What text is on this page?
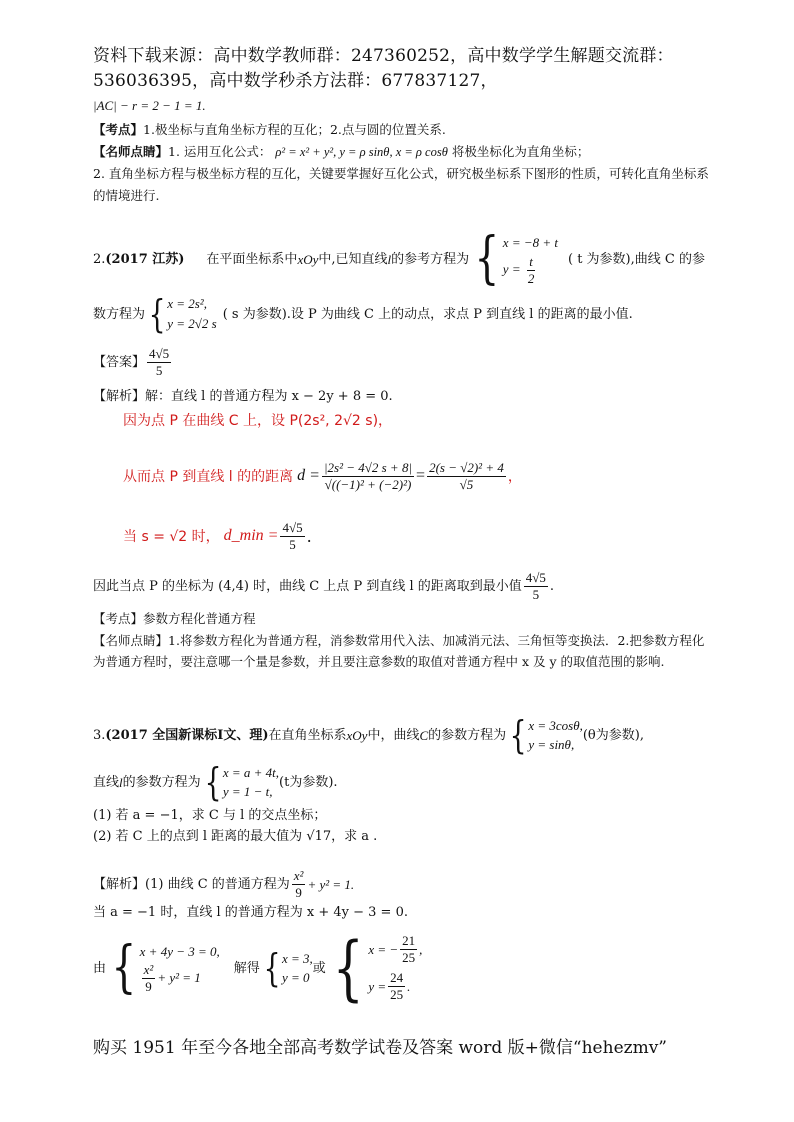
资料下载来源：高中数学教师群：247360252，高中数学学生解题交流群：
536036395，高中数学秒杀方法群：677837127，
|AC| − r = 2 − 1 = 1.
【考点】1.极坐标与直角坐标方程的互化；2.点与圆的位置关系.
【名师点睛】1. 运用互化公式： ρ² = x² + y², y = ρ sinθ, x = ρ cosθ 将极坐标化为直角坐标；
2. 直角坐标方程与极坐标方程的互化，关键要掌握好互化公式，研究极坐标系下图形的性质，可转化直角坐标系的情境进行.
2. (2017 江苏) 在平面坐标系中 xOy 中,已知直线 l 的参考方程为 { x = −8 + t
$y = \frac{t}{2}$ ( t 为参数),曲线 C 的参
数方程为 { x = 2s²,
y = 2√2 s
( s 为参数).设 P 为曲线 C 上的动点，求点 P 到直线 l 的距离的最小值.
【答案】 $\frac{4√5}{5}$
【解析】解：直线 l 的普通方程为 x − 2y + 8 = 0.
因为点 P 在曲线 C 上，设 P(2s², 2√2 s)，
从而点 P 到直线 l 的的距离 $d = \frac{\text{|2s² − 4√2 s + 8|}}{\text{√((−1)² + (−2)²)}} = \frac{\text{2(s − √2)² + 4}}{√5}$ ，
当 s = √2 时， d_min = $\frac{4√5}{5}$ .
因此当点 P 的坐标为 (4,4) 时，曲线 C 上点 P 到直线 l 的距离取到最小值 $\frac{4√5}{5}$ .
【考点】参数方程化普通方程
【名师点睛】1.将参数方程化为普通方程，消参数常用代入法、加减消元法、三角恒等变换法．2.把参数方程化为普通方程时，要注意哪一个量是参数，并且要注意参数的取值对普通方程中 x 及 y 的取值范围的影响.
3. (2017 全国新课标Ⅰ文、理) 在直角坐标系 xOy 中，曲线 C 的参数方程为 { x = 3cosθ,
y = sinθ,
(θ为参数),
直线 l 的参数方程为 { x = a + 4t,
y = 1 − t,
(t为参数).
(1) 若 a = −1，求 C 与 l 的交点坐标；
(2) 若 C 上的点到 l 距离的最大值为 √17，求 a .
【解析】 (1) 曲线 C 的普通方程为 $\frac{\text{x²}}{9} + y^2 = 1$.
当 a = −1 时，直线 l 的普通方程为 x + 4y − 3 = 0.
由 { x + 4y − 3 = 0,
$\frac{\text{x²}}{9} + y^2 = 1$
解得 { x = 3,
y = 0
或 { x = − $\frac{21}{25}$ ,
$y = \frac{24}{25}$ .
购买 1951 年至今各地全部高考数学试卷及答案 word 版+微信“hehezmv”
